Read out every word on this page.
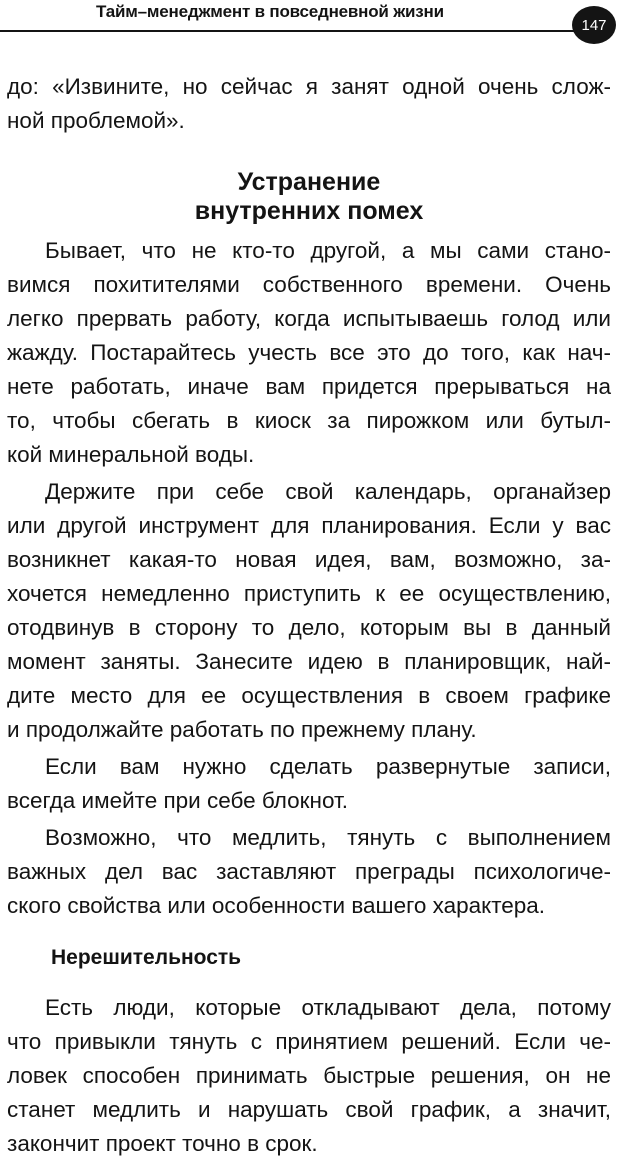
Тайм–менеджмент в повседневной жизни
147
до: «Извините, но сейчас я занят одной очень слож-
ной проблемой».
Устранение
внутренних помех
Бывает, что не кто-то другой, а мы сами стано-
вимся похитителями собственного времени. Очень
легко прервать работу, когда испытываешь голод или
жажду. Постарайтесь учесть все это до того, как нач-
нете работать, иначе вам придется прерываться на
то, чтобы сбегать в киоск за пирожком или бутыл-
кой минеральной воды.
Держите при себе свой календарь, органайзер
или другой инструмент для планирования. Если у вас
возникнет какая-то новая идея, вам, возможно, за-
хочется немедленно приступить к ее осуществлению,
отодвинув в сторону то дело, которым вы в данный
момент заняты. Занесите идею в планировщик, най-
дите место для ее осуществления в своем графике
и продолжайте работать по прежнему плану.
Если вам нужно сделать развернутые записи,
всегда имейте при себе блокнот.
Возможно, что медлить, тянуть с выполнением
важных дел вас заставляют преграды психологиче-
ского свойства или особенности вашего характера.
Нерешительность
Есть люди, которые откладывают дела, потому
что привыкли тянуть с принятием решений. Если че-
ловек способен принимать быстрые решения, он не
станет медлить и нарушать свой график, а значит,
закончит проект точно в срок.
